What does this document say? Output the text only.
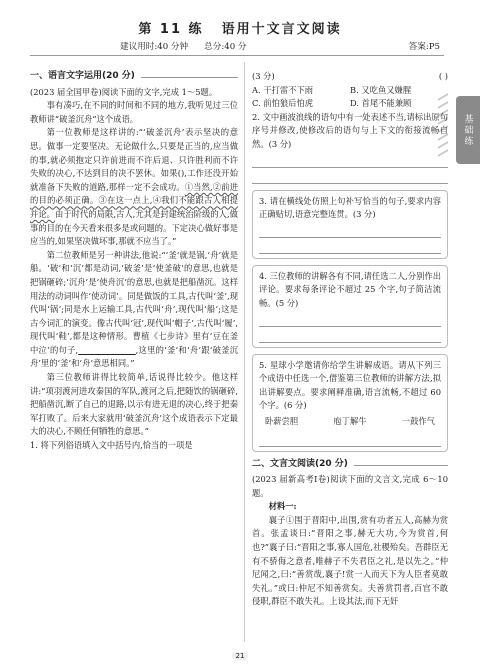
第 11 练 语用十文言文阅读
建议用时:40 分钟 总分:40 分	答案:P5
基础练
一、语言文字运用(20 分)

(2023 届全国甲卷)阅读下面的文字,完成 1～5题。

事有凑巧,在不同的时间和不同的地方,我听见过三位教师讲“破釜沉舟”这个成语。

第一位教师是这样讲的:“‘破釜沉舟’表示坚决的意思。做事一定要坚决。无论做什么,只要是正当的,应当做的事,就必须抱定只许前进而不许后退、只许胜利而不许失败的决心,不达到目的决不罢休。如果(),工作还没开始就准备下失败的道路,那样一定不会成功。①当然,②前进的目的必须正确。③在这一点上,④我们不能跟古人相提并论。由于时代的局限,古人,尤其是封建统治阶级的人,做事的目的在今天看来很多是或问题的。下定决心做好事是应当的,如果坚决做坏事,那就不应当了。”

第二位教师是另一种讲法,他说:“‘釜’就是锅,‘舟’就是船。‘破’和‘沉’都是动词,‘破釜’是‘使釜破’的意思,也就是把锅砸碎;‘沉舟’是‘使舟沉’的意思,也就是把船凿沉。这样用法的动词叫作‘使动词’。同是做饭的工具,古代叫‘釜’,现代叫‘锅’;同是水上运输工具,古代叫‘舟’,现代叫‘船’;这是古今词汇的演变。像古代叫‘冠’,现代叫‘帽子’,古代叫‘履’,现代叫‘鞋’,都是这种情形。曹植《七步诗》里有‘豆在釜中泣’的句子,	,这里的‘釜’和‘舟’跟‘破釜沉舟’里的‘釜’和‘舟’意思相同。”

第三位教师讲得比较简单,话说得比较少。他这样讲:“项羽渡河进攻秦国的军队,渡河之后,把随饮的锅砸碎,把船凿沉,断了自己的退路,以示有进无退的决心,终于把秦军打败了。后来大家就用‘破釜沉舟’这个成语表示下定最大的决心,不顾任何牺牲的意思。”

1. 将下列俗语填入文中括号内,恰当的一项是

(3 分)	( )
A. 干打雷不下雨	B. 又吃鱼又嫌腥
C. 前怕狼后怕虎	D. 首尾不能兼顾

2. 文中画波浪线的语句中有一处表述不当,请标出原句序号并修改,使修改后的语句与上下文的衔接流畅自然。(3 分)

3. 请在横线处仿照上句补写恰当的句子,要求内容正确贴切,语意完整连贯。(3 分)

4. 三位教师的讲解各有不同,请任选二人,分别作出评论。要求每条评论不超过 25 个字,句子简洁流畅。(5 分)

5. 星球小学邀请你给学生讲解成语。请从下列三个成语中任选一个,借鉴第三位教师的讲解方法,拟出讲解要点。要求阐释准确,语言流畅,不超过 60 个字。(6 分)

卧薪尝胆	庖丁解牛	一鼓作气
二、文言文阅读(20 分)

(2023 届新高考Ⅰ卷)阅读下面的文言文,完成 6～10题。

材料一:

襄子①围于晋阳中,出围,赏有功者五人,高赫为赏首。张孟谈曰:“晋阳之事,赫无大功,今为赏首,何也?”襄子曰:“晋阳之事,寡人国危,社稷殆矣。吾群臣无有不骄侮之意者,唯赫子不失君臣之礼,是以先之。”仲尼闻之,曰:“善赏哉,襄子!赏一人而天下为人臣者莫敢失礼。”或曰:仲尼不知善赏矣。夫善赏罚者,百官不敢侵职,群臣不敢失礼。上设其法,而下无奸

21
